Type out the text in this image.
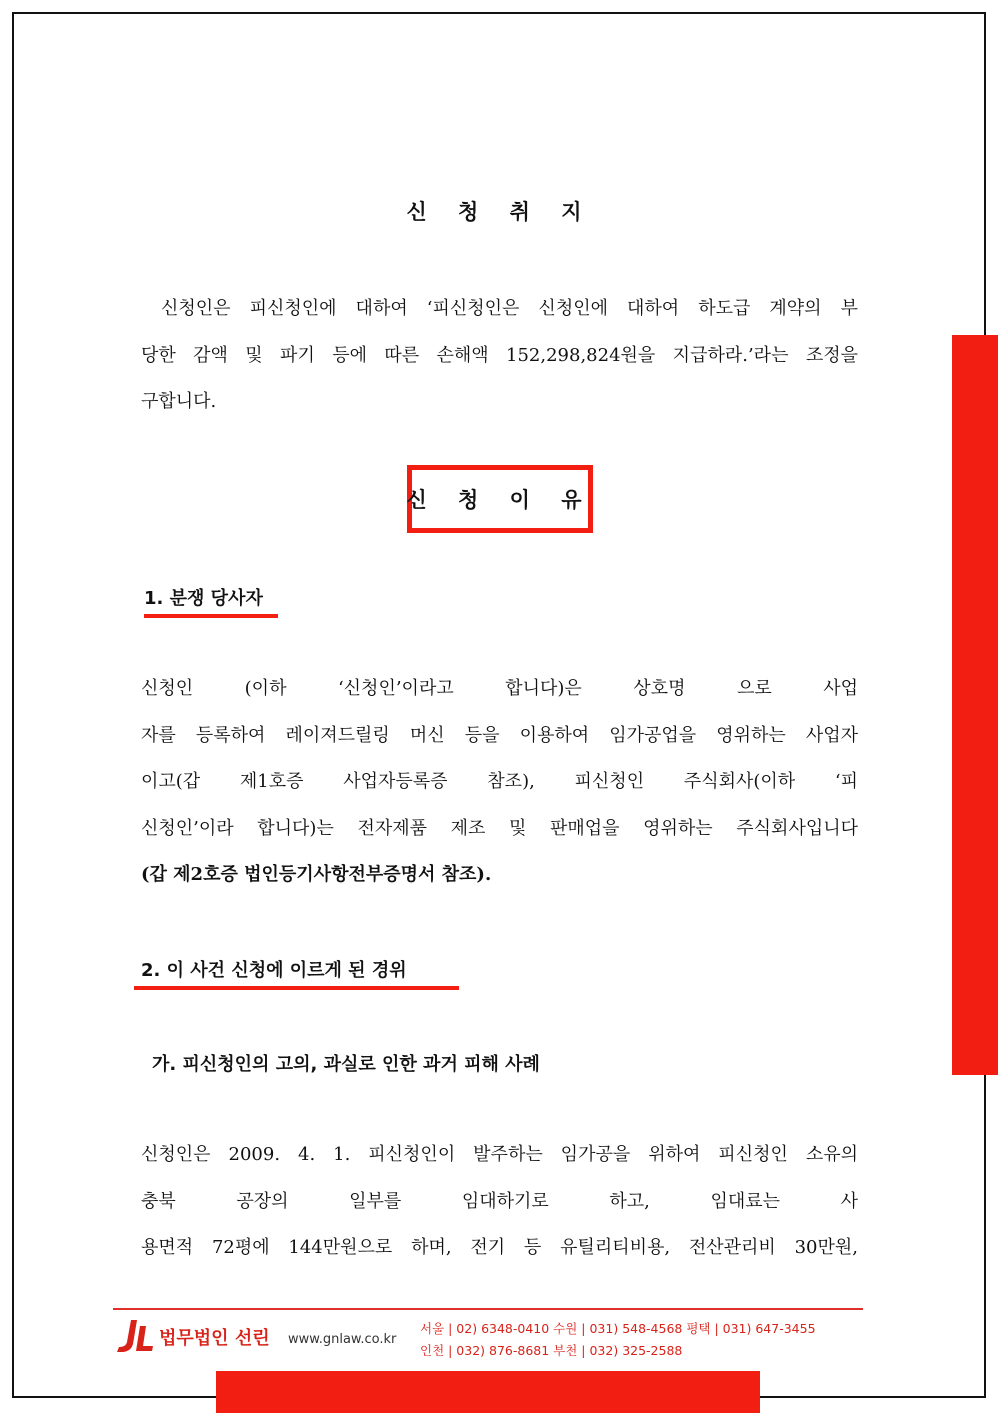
신 청 취 지
신청인은 피신청인에 대하여 ‘피신청인은 신청인에 대하여 하도급 계약의 부
당한 감액 및 파기 등에 따른 손해액 152,298,824원을 지급하라.’라는 조정을
구합니다.
신 청 이 유
1. 분쟁 당사자
신청인 (이하 ‘신청인’이라고 합니다)은 상호명 으로 사업
자를 등록하여 레이져드릴링 머신 등을 이용하여 임가공업을 영위하는 사업자
이고(갑 제1호증 사업자등록증 참조), 피신청인 주식회사(이하 ‘피
신청인’이라 합니다)는 전자제품 제조 및 판매업을 영위하는 주식회사입니다
(갑 제2호증 법인등기사항전부증명서 참조).
2. 이 사건 신청에 이르게 된 경위
가. 피신청인의 고의, 과실로 인한 과거 피해 사례
신청인은 2009. 4. 1. 피신청인이 발주하는 임가공을 위하여 피신청인 소유의
충북 공장의 일부를 임대하기로 하고, 임대료는 사
용면적 72평에 144만원으로 하며, 전기 등 유틸리티비용, 전산관리비 30만원,
법무법인 선린 www.gnlaw.co.kr
서울 | 02) 6348-0410 수원 | 031) 548-4568 평택 | 031) 647-3455
인천 | 032) 876-8681 부천 | 032) 325-2588
